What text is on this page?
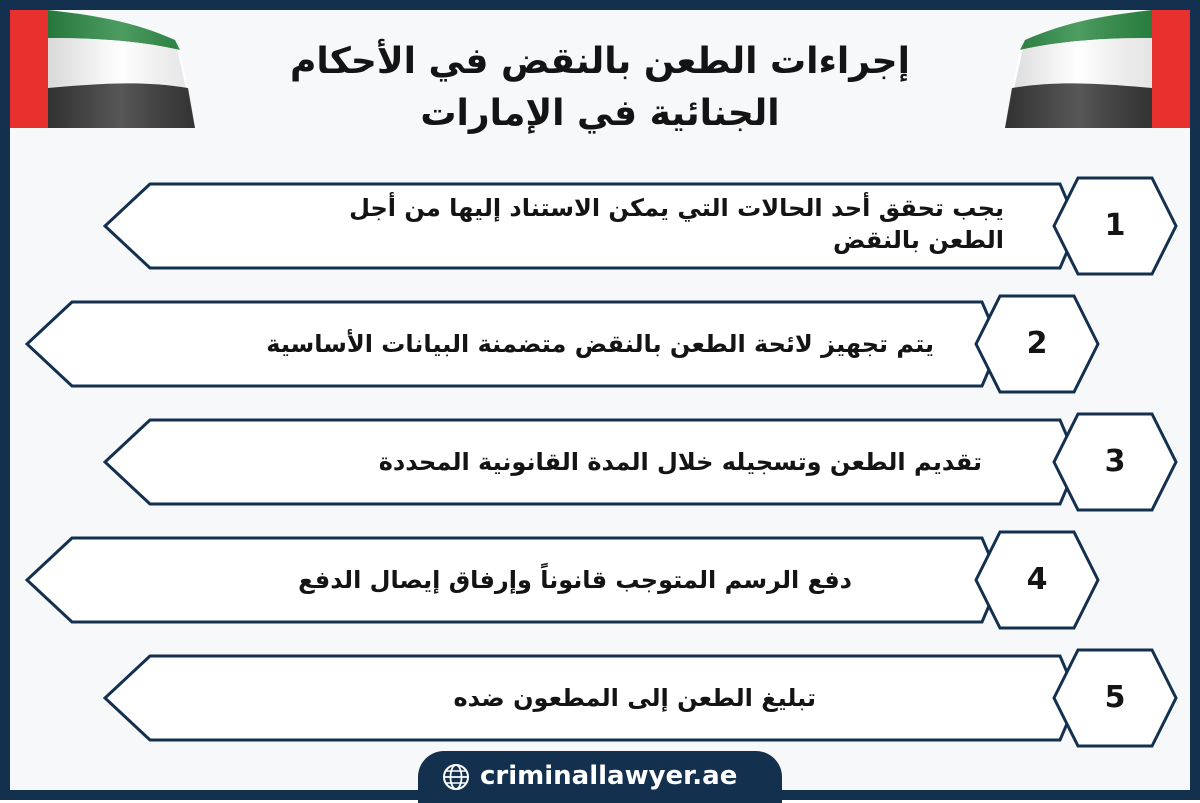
إجراءات الطعن بالنقض في الأحكام
الجنائية في الإمارات
يجب تحقق أحد الحالات التي يمكن الاستناد إليها من أجل
الطعن بالنقض	1
يتم تجهيز لائحة الطعن بالنقض متضمنة البيانات الأساسية	2
تقديم الطعن وتسجيله خلال المدة القانونية المحددة	3
دفع الرسم المتوجب قانوناً وإرفاق إيصال الدفع	4
تبليغ الطعن إلى المطعون ضده	5
criminallawyer.ae
